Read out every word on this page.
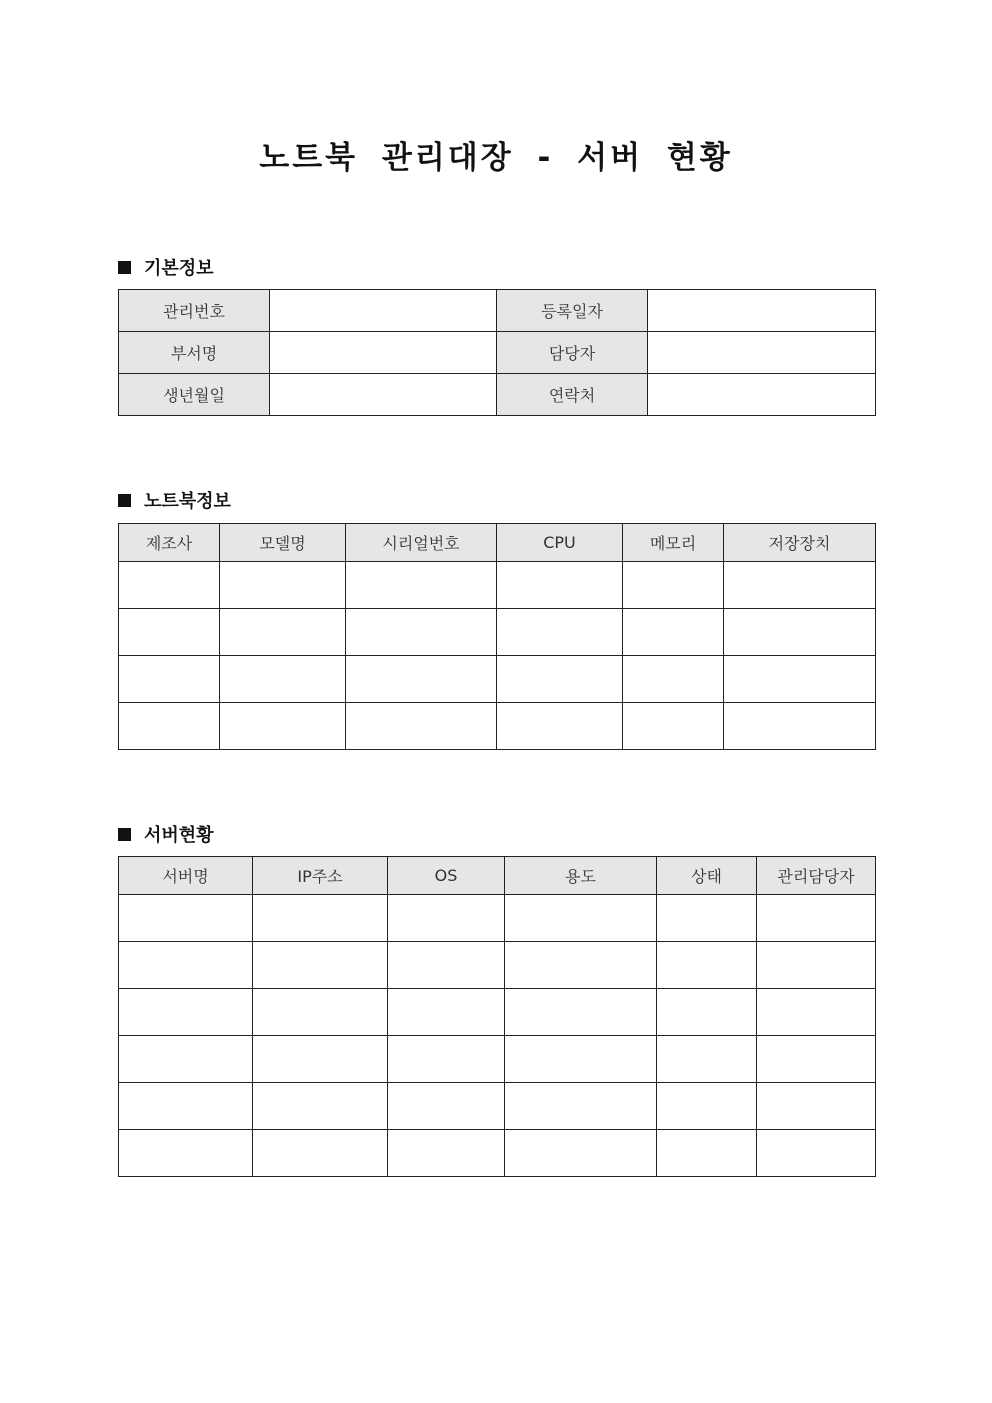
노트북 관리대장 - 서버 현황
기본정보
관리번호		등록일자	
부서명		담당자	
생년월일		연락처	
노트북정보
제조사	모델명	시리얼번호	CPU	메모리	저장장치

서버현황
서버명	IP주소	OS	용도	상태	관리담당자
